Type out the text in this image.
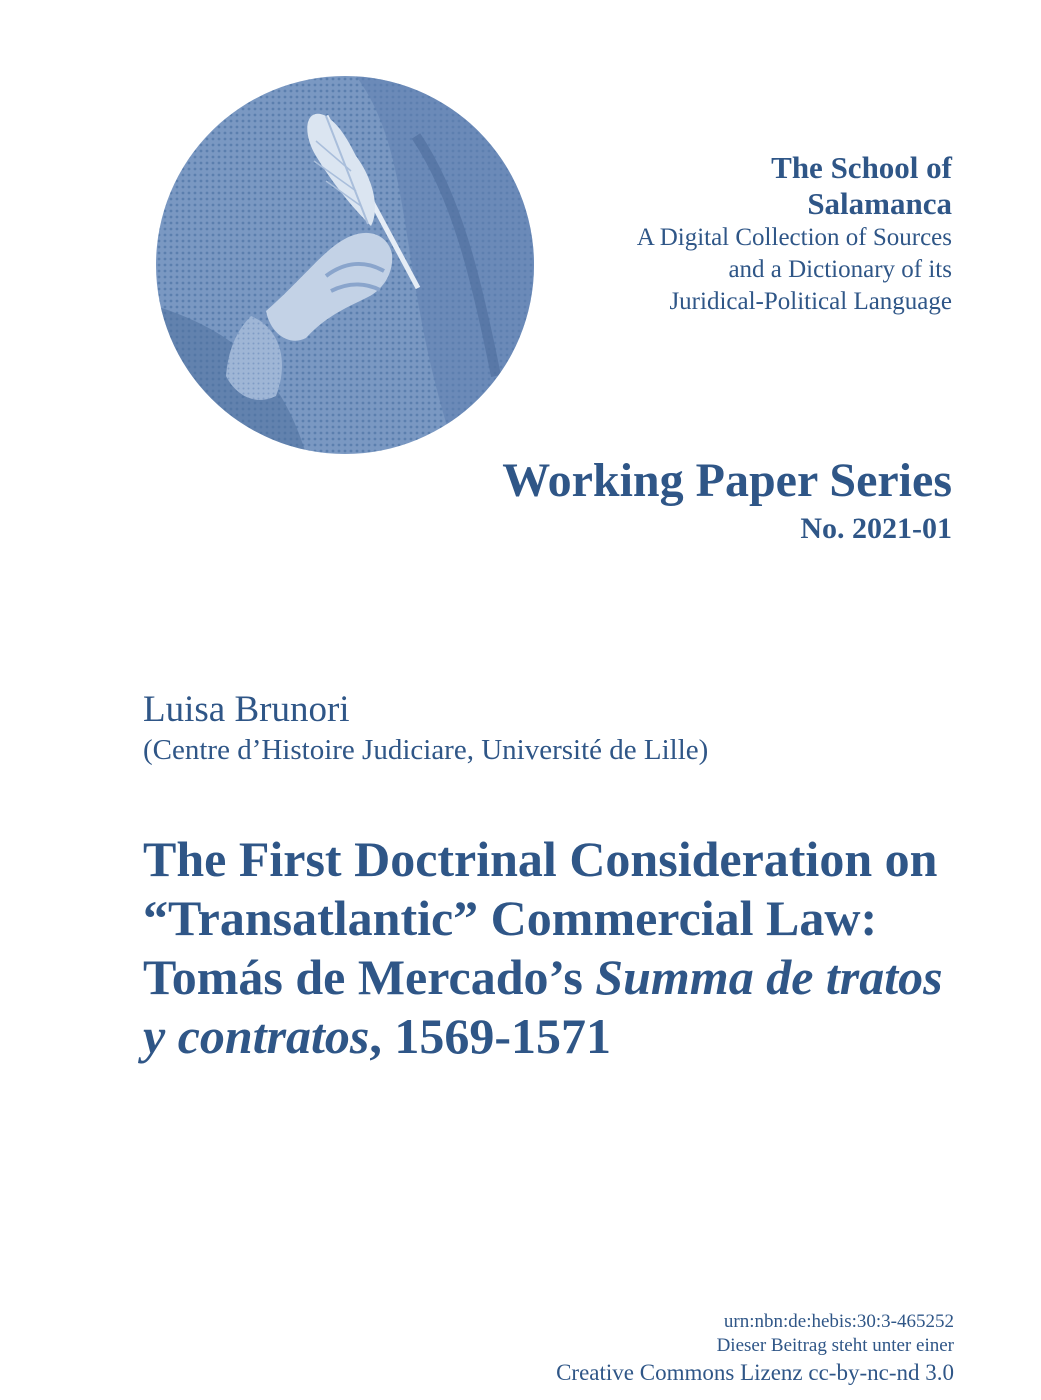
The School of Salamanca
A Digital Collection of Sources and a Dictionary of its Juridical-Political Language
Working Paper Series
No. 2021-01
Luisa Brunori
(Centre d’Histoire Judiciare, Université de Lille)
The First Doctrinal Consideration on “Transatlantic” Commercial Law: Tomás de Mercado’s Summa de tratos y contratos, 1569-1571
urn:nbn:de:hebis:30:3-465252
Dieser Beitrag steht unter einer
Creative Commons Lizenz cc-by-nc-nd 3.0
